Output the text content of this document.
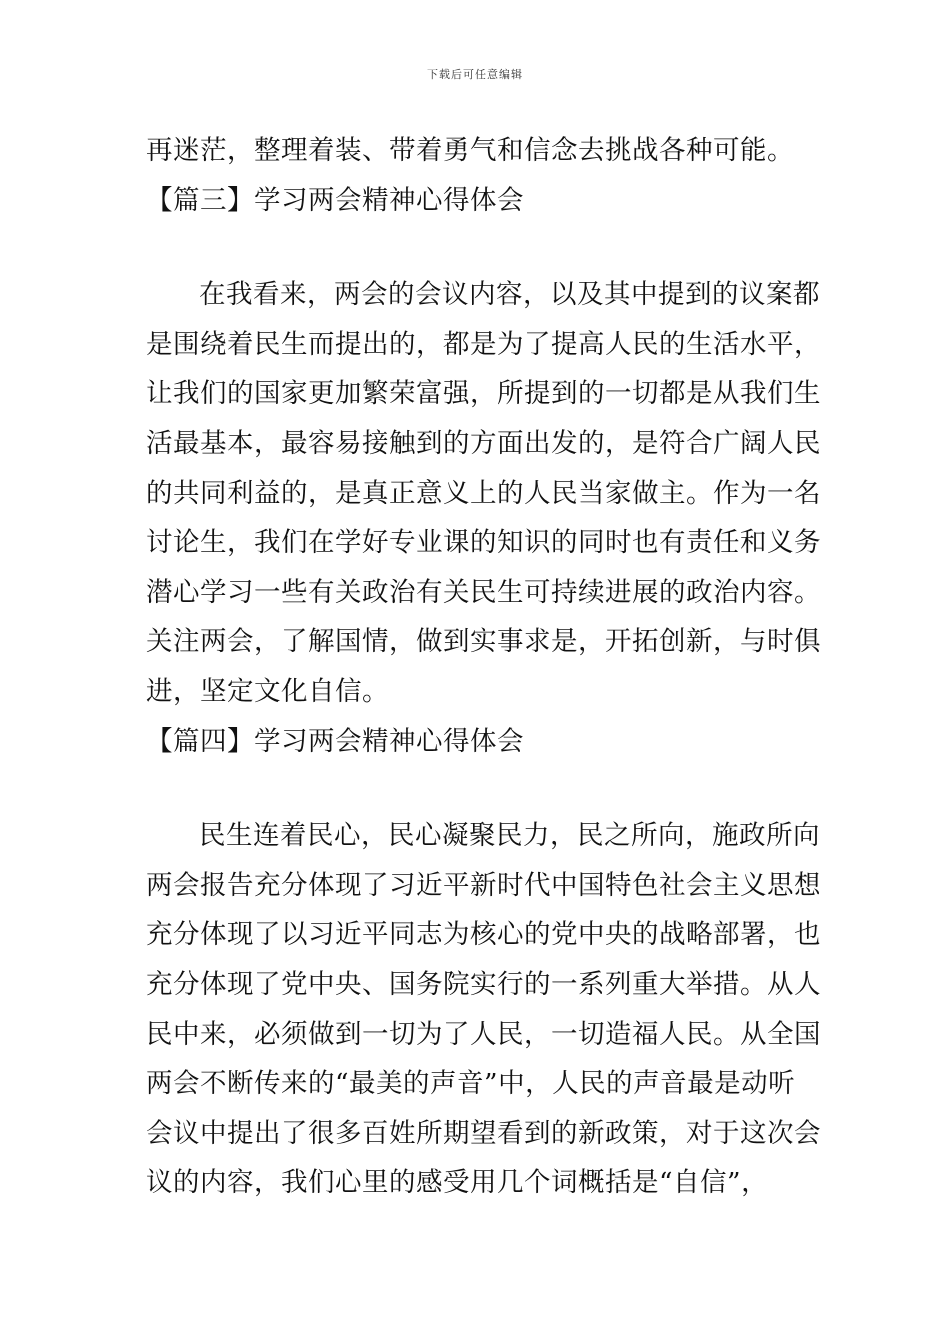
下载后可任意编辑
再迷茫，整理着装、带着勇气和信念去挑战各种可能。
【篇三】学习两会精神心得体会
在我看来，两会的会议内容，以及其中提到的议案都
是围绕着民生而提出的，都是为了提高人民的生活水平，
让我们的国家更加繁荣富强，所提到的一切都是从我们生
活最基本，最容易接触到的方面出发的，是符合广阔人民
的共同利益的，是真正意义上的人民当家做主。作为一名
讨论生，我们在学好专业课的知识的同时也有责任和义务
潜心学习一些有关政治有关民生可持续进展的政治内容。
关注两会，了解国情，做到实事求是，开拓创新，与时俱
进，坚定文化自信。
【篇四】学习两会精神心得体会
民生连着民心，民心凝聚民力，民之所向，施政所向
两会报告充分体现了习近平新时代中国特色社会主义思想
充分体现了以习近平同志为核心的党中央的战略部署，也
充分体现了党中央、国务院实行的一系列重大举措。从人
民中来，必须做到一切为了人民，一切造福人民。从全国
两会不断传来的“最美的声音”中，人民的声音最是动听
会议中提出了很多百姓所期望看到的新政策，对于这次会
议的内容，我们心里的感受用几个词概括是“自信”，
